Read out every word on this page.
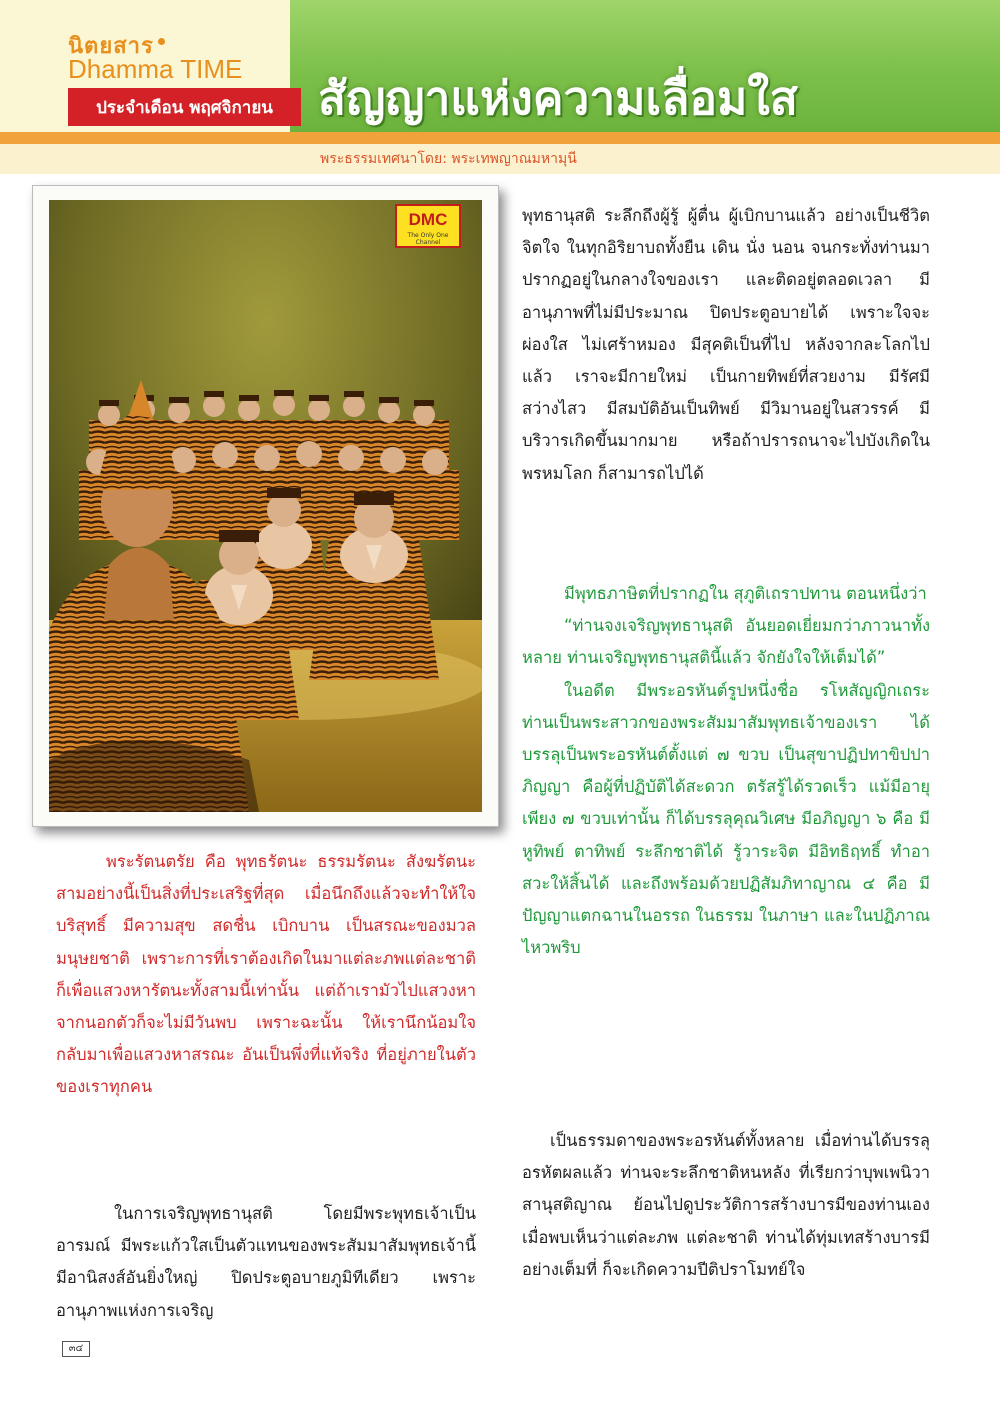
นิตยสาร
Dhamma TIME
ประจำเดือน พฤศจิกายน สัญญาแห่งความเลื่อมใส
พระธรรมเทศนาโดย: พระเทพญาณมหามุนี
DMC
The Only One Channel

พุทธานุสติ ระลึกถึงผู้รู้ ผู้ตื่น ผู้เบิกบานแล้ว อย่างเป็นชีวิตจิตใจ ในทุกอิริยาบถทั้งยืน เดิน นั่ง นอน จนกระทั่งท่านมาปรากฏอยู่ในกลางใจของเรา และติดอยู่ตลอดเวลา มีอานุภาพที่ไม่มีประมาณ ปิดประตูอบายได้ เพราะใจจะผ่องใส ไม่เศร้าหมอง มีสุคติเป็นที่ไป หลังจากละโลกไปแล้ว เราจะมีกายใหม่ เป็นกายทิพย์ที่สวยงาม มีรัศมีสว่างไสว มีสมบัติอันเป็นทิพย์ มีวิมานอยู่ในสวรรค์ มีบริวารเกิดขึ้นมากมาย หรือถ้าปรารถนาจะไปบังเกิดในพรหมโลก ก็สามารถไปได้

มีพุทธภาษิตที่ปรากฏใน สุภูติเถราปทาน ตอนหนึ่งว่า

“ท่านจงเจริญพุทธานุสติ อันยอดเยี่ยมกว่าภาวนาทั้งหลาย ท่านเจริญพุทธานุสตินี้แล้ว จักยังใจให้เต็มได้”

ในอดีต มีพระอรหันต์รูปหนึ่งชื่อ รโหสัญญิกเถระ ท่านเป็นพระสาวกของพระสัมมาสัมพุทธเจ้าของเรา ได้บรรลุเป็นพระอรหันต์ตั้งแต่ ๗ ขวบ เป็นสุขาปฏิปทาขิปปาภิญญา คือผู้ที่ปฏิบัติได้สะดวก ตรัสรู้ได้รวดเร็ว แม้มีอายุเพียง ๗ ขวบเท่านั้น ก็ได้บรรลุคุณวิเศษ มีอภิญญา ๖ คือ มีหูทิพย์ ตาทิพย์ ระลึกชาติได้ รู้วาระจิต มีอิทธิฤทธิ์ ทำอาสวะให้สิ้นได้ และถึงพร้อมด้วยปฏิสัมภิทาญาณ ๔ คือ มีปัญญาแตกฉานในอรรถ ในธรรม ในภาษา และในปฏิภาณไหวพริบ

เป็นธรรมดาของพระอรหันต์ทั้งหลาย เมื่อท่านได้บรรลุอรหัตผลแล้ว ท่านจะระลึกชาติหนหลัง ที่เรียกว่าบุพเพนิวาสานุสติญาณ ย้อนไปดูประวัติการสร้างบารมีของท่านเอง เมื่อพบเห็นว่าแต่ละภพ แต่ละชาติ ท่านได้ทุ่มเทสร้างบารมีอย่างเต็มที่ ก็จะเกิดความปีติปราโมทย์ใจ

พระรัตนตรัย คือ พุทธรัตนะ ธรรมรัตนะ สังฆรัตนะ สามอย่างนี้เป็นสิ่งที่ประเสริฐที่สุด เมื่อนึกถึงแล้วจะทำให้ใจบริสุทธิ์ มีความสุข สดชื่น เบิกบาน เป็นสรณะของมวลมนุษยชาติ เพราะการที่เราต้องเกิดในมาแต่ละภพแต่ละชาติ ก็เพื่อแสวงหารัตนะทั้งสามนี้เท่านั้น แต่ถ้าเรามัวไปแสวงหาจากนอกตัวก็จะไม่มีวันพบ เพราะฉะนั้น ให้เรานึกน้อมใจกลับมาเพื่อแสวงหาสรณะ อันเป็นพึ่งที่แท้จริง ที่อยู่ภายในตัวของเราทุกคน

ในการเจริญพุทธานุสติ โดยมีพระพุทธเจ้าเป็นอารมณ์ มีพระแก้วใสเป็นตัวแทนของพระสัมมาสัมพุทธเจ้านี้ มีอานิสงส์อันยิ่งใหญ่ ปิดประตูอบายภูมิทีเดียว เพราะอานุภาพแห่งการเจริญ

๓๔
